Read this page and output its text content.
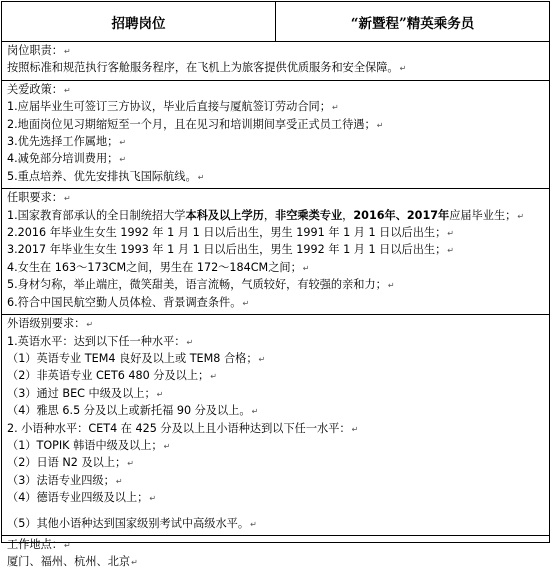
招聘岗位	“新暨程”精英乘务员
岗位职责：↵
按照标准和规范执行客舱服务程序，在飞机上为旅客提供优质服务和安全保障。↵
关爱政策：↵
1.应届毕业生可签订三方协议，毕业后直接与厦航签订劳动合同；↵
2.地面岗位见习期缩短至一个月，且在见习和培训期间享受正式员工待遇；↵
3.优先选择工作属地；↵
4.减免部分培训费用；↵
5.重点培养、优先安排执飞国际航线。↵
任职要求：↵
1.国家教育部承认的全日制统招大学本科及以上学历，非空乘类专业，2016年、2017年应届毕业生；↵
2.2016 年毕业生女生 1992 年 1 月 1 日以后出生，男生 1991 年 1 月 1 日以后出生；↵
3.2017 年毕业生女生 1993 年 1 月 1 日以后出生，男生 1992 年 1 月 1 日以后出生；↵
4.女生在 163～173CM之间，男生在 172～184CM之间；↵
5.身材匀称，举止端庄，微笑甜美，语言流畅，气质较好，有较强的亲和力；↵
6.符合中国民航空勤人员体检、背景调查条件。↵
外语级别要求：↵
1.英语水平：达到以下任一种水平：↵
（1）英语专业 TEM4 良好及以上或 TEM8 合格；↵
（2）非英语专业 CET6 480 分及以上；↵
（3）通过 BEC 中级及以上；↵
（4）雅思 6.5 分及以上或新托福 90 分及以上。↵
2. 小语种水平：CET4 在 425 分及以上且小语种达到以下任一水平：↵
（1）TOPIK 韩语中级及以上；↵
（2）日语 N2 及以上；↵
（3）法语专业四级；↵
（4）德语专业四级及以上；↵
（5）其他小语种达到国家级别考试中高级水平。↵
工作地点：↵
厦门、福州、杭州、北京↵
